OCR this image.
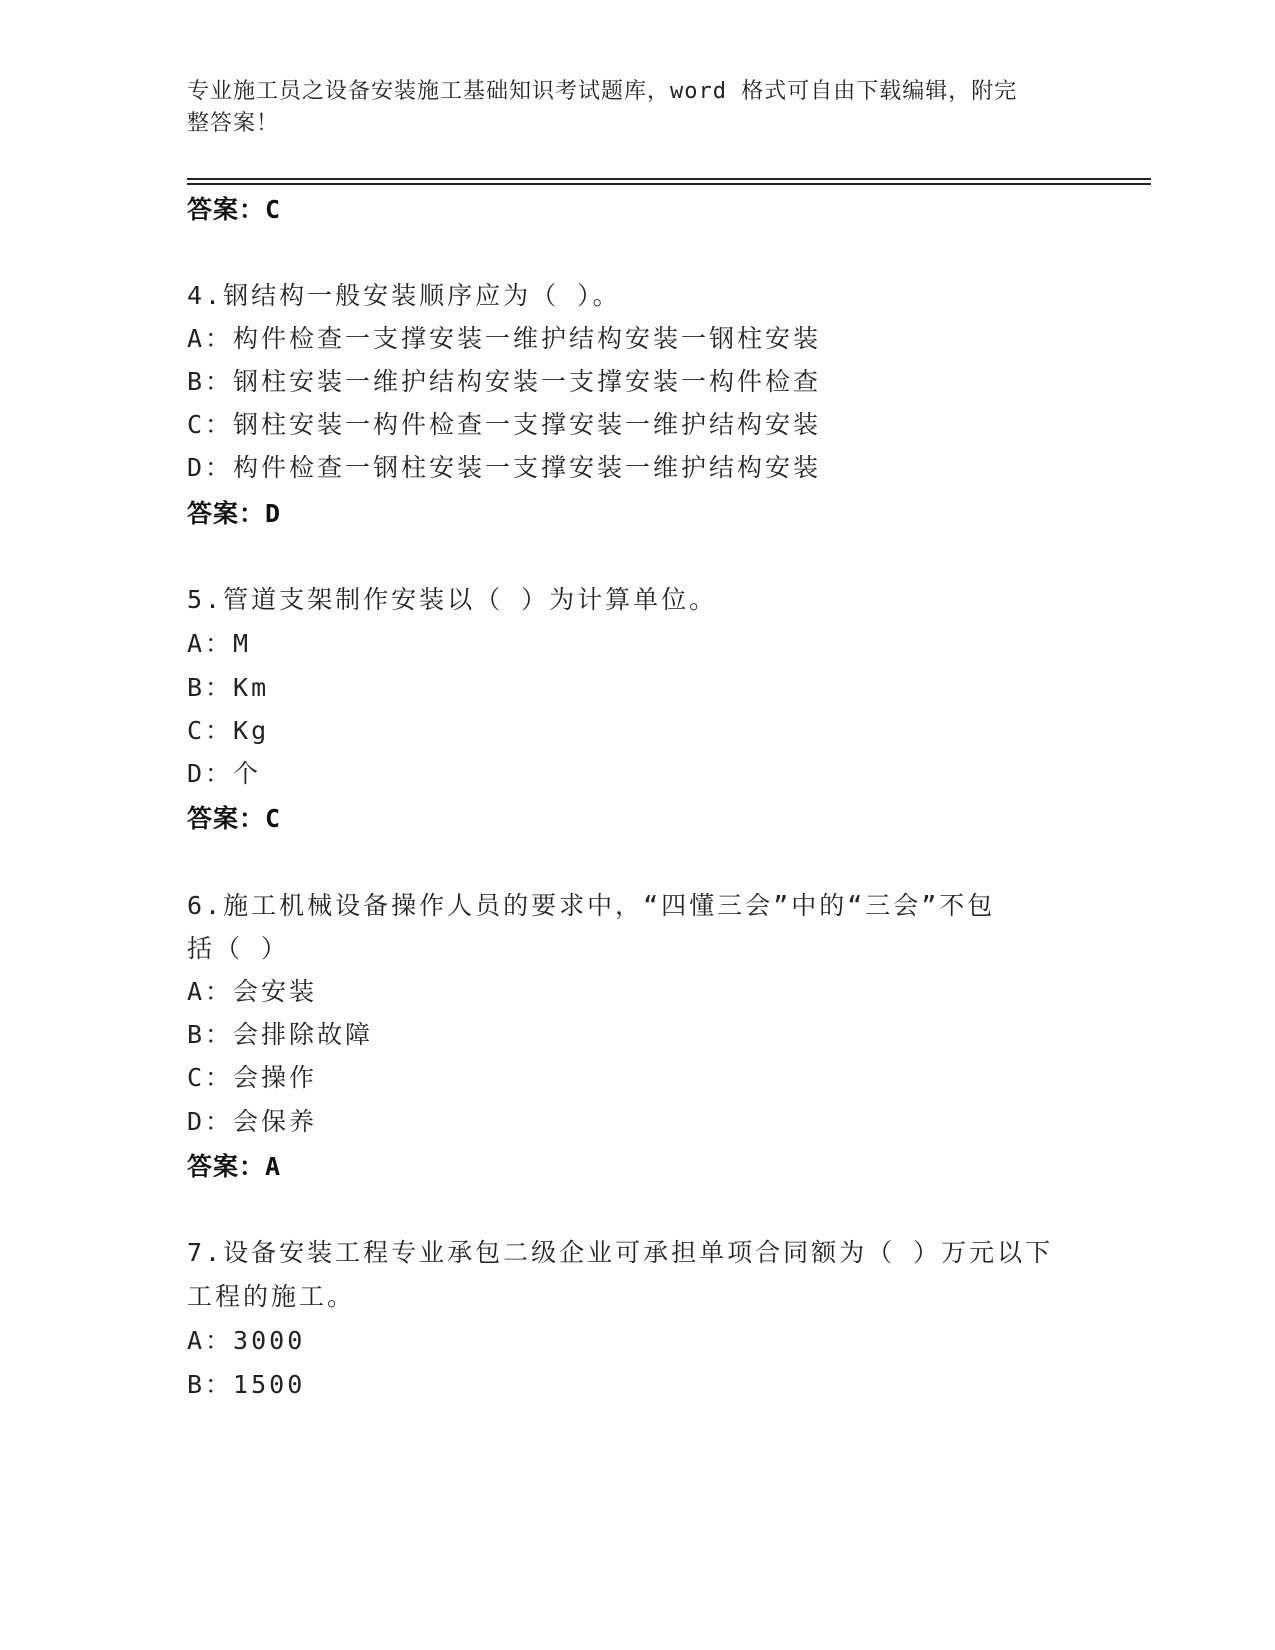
专业施工员之设备安装施工基础知识考试题库，word 格式可自由下载编辑，附完
整答案！
答案：C
4.钢结构一般安装顺序应为（ ）。
A：构件检查一支撑安装一维护结构安装一钢柱安装
B：钢柱安装一维护结构安装一支撑安装一构件检查
C：钢柱安装一构件检查一支撑安装一维护结构安装
D：构件检查一钢柱安装一支撑安装一维护结构安装
答案：D
5.管道支架制作安装以（ ）为计算单位。
A：M
B：Km
C：Kg
D：个
答案：C
6.施工机械设备操作人员的要求中，“四懂三会”中的“三会”不包
括（ ）
A：会安装
B：会排除故障
C：会操作
D：会保养
答案：A
7.设备安装工程专业承包二级企业可承担单项合同额为（ ）万元以下
工程的施工。
A：3000
B：1500
